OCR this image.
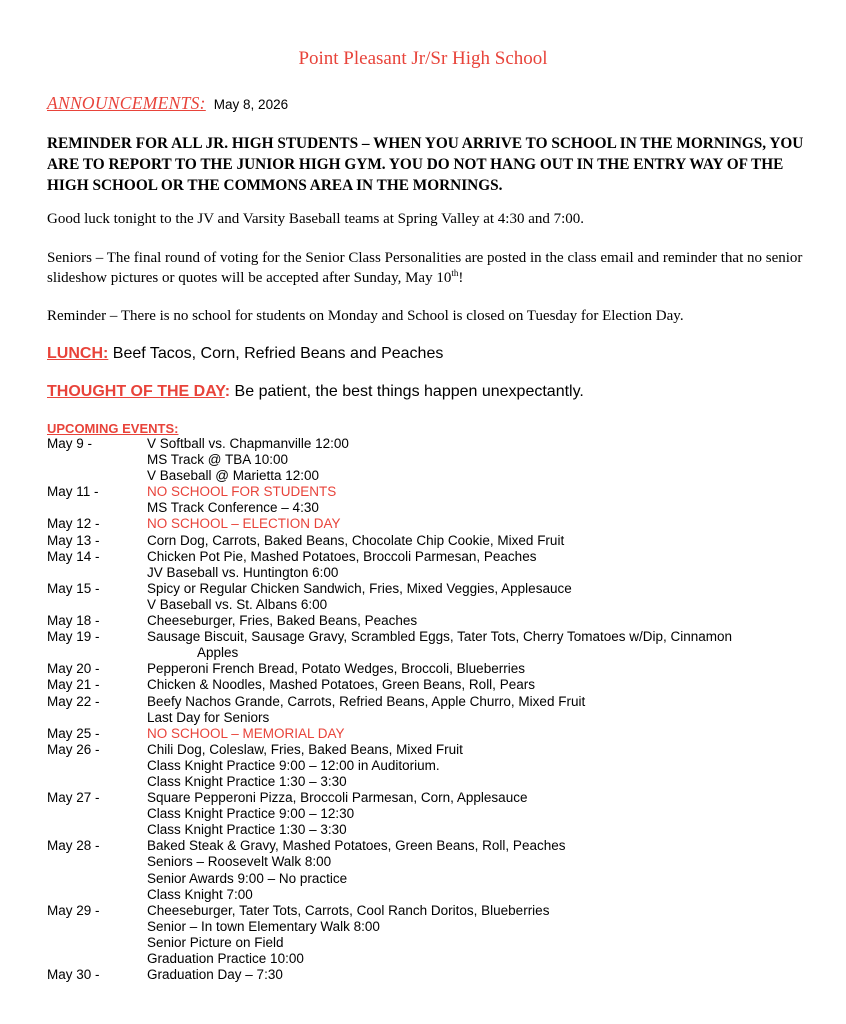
Point Pleasant Jr/Sr High School
ANNOUNCEMENTS: May 8, 2026
REMINDER FOR ALL JR. HIGH STUDENTS – WHEN YOU ARRIVE TO SCHOOL IN THE MORNINGS, YOU ARE TO REPORT TO THE JUNIOR HIGH GYM. YOU DO NOT HANG OUT IN THE ENTRY WAY OF THE HIGH SCHOOL OR THE COMMONS AREA IN THE MORNINGS.
Good luck tonight to the JV and Varsity Baseball teams at Spring Valley at 4:30 and 7:00.
Seniors – The final round of voting for the Senior Class Personalities are posted in the class email and reminder that no senior slideshow pictures or quotes will be accepted after Sunday, May 10th!
Reminder – There is no school for students on Monday and School is closed on Tuesday for Election Day.
LUNCH: Beef Tacos, Corn, Refried Beans and Peaches
THOUGHT OF THE DAY: Be patient, the best things happen unexpectantly.
UPCOMING EVENTS:
May 9 -	V Softball vs. Chapmanville 12:00
MS Track @ TBA 10:00
V Baseball @ Marietta 12:00
May 11 -	NO SCHOOL FOR STUDENTS
MS Track Conference – 4:30
May 12 -	NO SCHOOL – ELECTION DAY
May 13 -	Corn Dog, Carrots, Baked Beans, Chocolate Chip Cookie, Mixed Fruit
May 14 -	Chicken Pot Pie, Mashed Potatoes, Broccoli Parmesan, Peaches
JV Baseball vs. Huntington 6:00
May 15 -	Spicy or Regular Chicken Sandwich, Fries, Mixed Veggies, Applesauce
V Baseball vs. St. Albans 6:00
May 18 -	Cheeseburger, Fries, Baked Beans, Peaches
May 19 -	Sausage Biscuit, Sausage Gravy, Scrambled Eggs, Tater Tots, Cherry Tomatoes w/Dip, Cinnamon
Apples
May 20 -	Pepperoni French Bread, Potato Wedges, Broccoli, Blueberries
May 21 -	Chicken & Noodles, Mashed Potatoes, Green Beans, Roll, Pears
May 22 -	Beefy Nachos Grande, Carrots, Refried Beans, Apple Churro, Mixed Fruit
Last Day for Seniors
May 25 -	NO SCHOOL – MEMORIAL DAY
May 26 -	Chili Dog, Coleslaw, Fries, Baked Beans, Mixed Fruit
Class Knight Practice 9:00 – 12:00 in Auditorium.
Class Knight Practice 1:30 – 3:30
May 27 -	Square Pepperoni Pizza, Broccoli Parmesan, Corn, Applesauce
Class Knight Practice 9:00 – 12:30
Class Knight Practice 1:30 – 3:30
May 28 -	Baked Steak & Gravy, Mashed Potatoes, Green Beans, Roll, Peaches
Seniors – Roosevelt Walk 8:00
Senior Awards 9:00 – No practice
Class Knight 7:00
May 29 -	Cheeseburger, Tater Tots, Carrots, Cool Ranch Doritos, Blueberries
Senior – In town Elementary Walk 8:00
Senior Picture on Field
Graduation Practice 10:00
May 30 -	Graduation Day – 7:30
